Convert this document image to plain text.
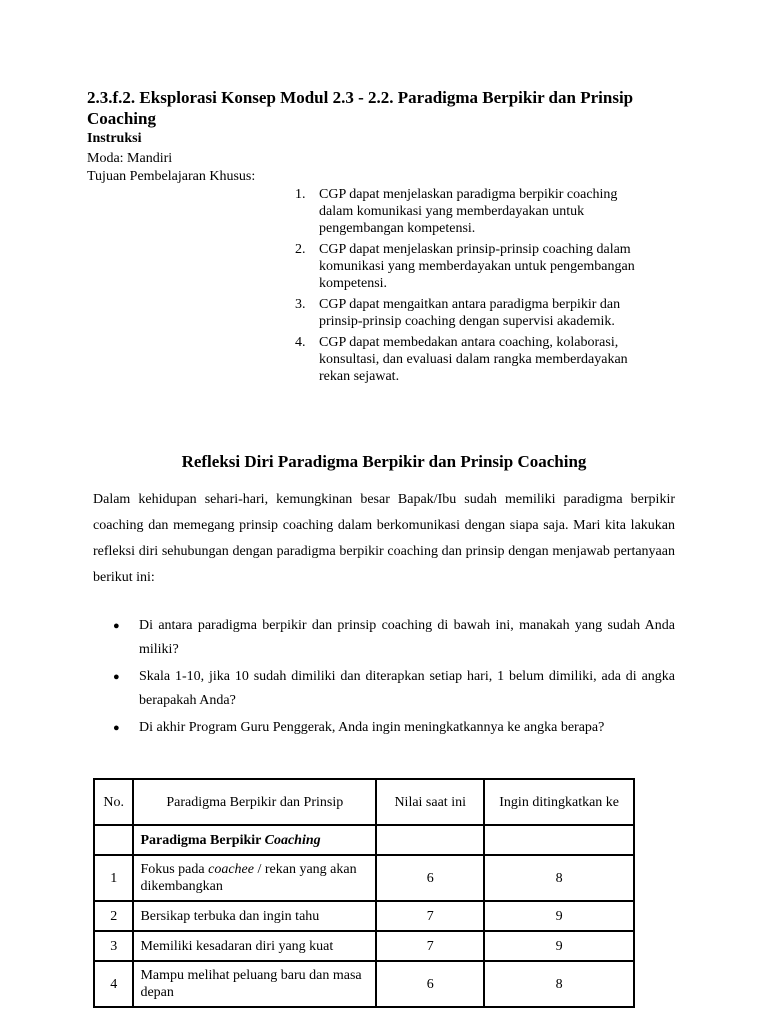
2.3.f.2. Eksplorasi Konsep Modul 2.3 - 2.2. Paradigma Berpikir dan Prinsip Coaching
Instruksi
Moda: Mandiri
Tujuan Pembelajaran Khusus:
1. CGP dapat menjelaskan paradigma berpikir coaching dalam komunikasi yang memberdayakan untuk pengembangan kompetensi.
2. CGP dapat menjelaskan prinsip-prinsip coaching dalam komunikasi yang memberdayakan untuk pengembangan kompetensi.
3. CGP dapat mengaitkan antara paradigma berpikir dan prinsip-prinsip coaching dengan supervisi akademik.
4. CGP dapat membedakan antara coaching, kolaborasi, konsultasi, dan evaluasi dalam rangka memberdayakan rekan sejawat.
Refleksi Diri Paradigma Berpikir dan Prinsip Coaching

Dalam kehidupan sehari-hari, kemungkinan besar Bapak/Ibu sudah memiliki paradigma berpikir coaching dan memegang prinsip coaching dalam berkomunikasi dengan siapa saja. Mari kita lakukan refleksi diri sehubungan dengan paradigma berpikir coaching dan prinsip dengan menjawab pertanyaan berikut ini:

● Di antara paradigma berpikir dan prinsip coaching di bawah ini, manakah yang sudah Anda miliki?
● Skala 1-10, jika 10 sudah dimiliki dan diterapkan setiap hari, 1 belum dimiliki, ada di angka berapakah Anda?
● Di akhir Program Guru Penggerak, Anda ingin meningkatkannya ke angka berapa?
No.	Paradigma Berpikir dan Prinsip	Nilai saat ini	Ingin ditingkatkan ke
	Paradigma Berpikir Coaching		
1	Fokus pada coachee / rekan yang akan dikembangkan	6	8
2	Bersikap terbuka dan ingin tahu	7	9
3	Memiliki kesadaran diri yang kuat	7	9
4	Mampu melihat peluang baru dan masa depan	6	8
